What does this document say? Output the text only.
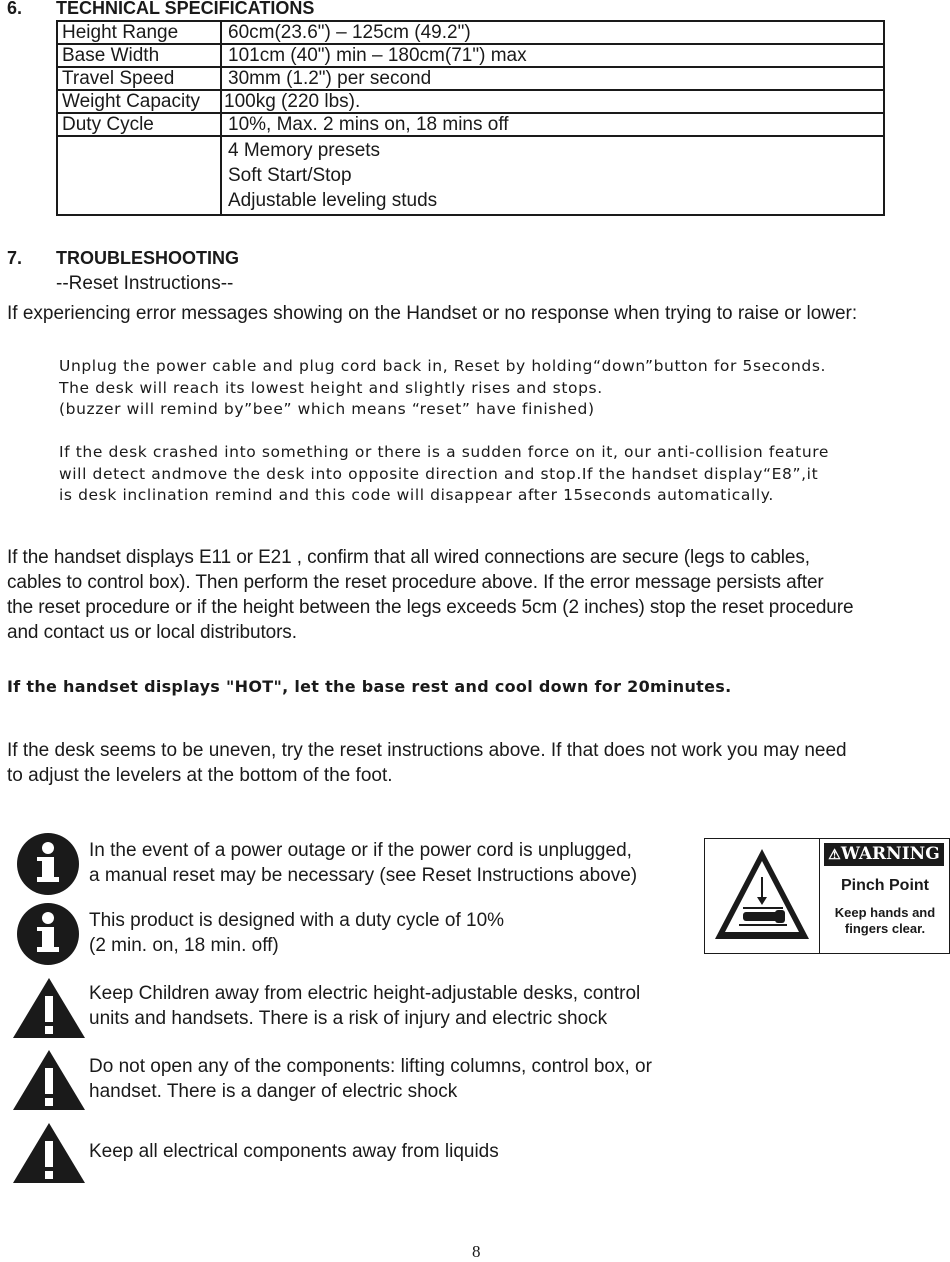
6. TECHNICAL SPECIFICATIONS
Height Range	60cm(23.6") – 125cm (49.2")
Base Width	101cm (40") min – 180cm(71") max
Travel Speed	30mm (1.2") per second
Weight Capacity	100kg (220 lbs).
Duty Cycle	10%, Max. 2 mins on, 18 mins off

	4 Memory presets
Soft Start/Stop
Adjustable leveling studs
7. TROUBLESHOOTING
--Reset Instructions--
If experiencing error messages showing on the Handset or no response when trying to raise or lower:
Unplug the power cable and plug cord back in, Reset by holding“down”button for 5seconds.
The desk will reach its lowest height and slightly rises and stops.
(buzzer will remind by”bee” which means “reset” have finished)
If the desk crashed into something or there is a sudden force on it, our anti-collision feature
will detect andmove the desk into opposite direction and stop.If the handset display“E8”,it
is desk inclination remind and this code will disappear after 15seconds automatically.
If the handset displays E11 or E21 , confirm that all wired connections are secure (legs to cables,
cables to control box). Then perform the reset procedure above. If the error message persists after
the reset procedure or if the height between the legs exceeds 5cm (2 inches) stop the reset procedure
and contact us or local distributors.
If the handset displays "HOT", let the base rest and cool down for 20minutes.
If the desk seems to be uneven, try the reset instructions above. If that does not work you may need
to adjust the levelers at the bottom of the foot.
In the event of a power outage or if the power cord is unplugged,
a manual reset may be necessary (see Reset Instructions above)
This product is designed with a duty cycle of 10%
(2 min. on, 18 min. off)
Keep Children away from electric height-adjustable desks, control
units and handsets. There is a risk of injury and electric shock
Do not open any of the components: lifting columns, control box, or
handset. There is a danger of electric shock
Keep all electrical components away from liquids
⚠WARNING
Pinch Point
Keep hands and
fingers clear.
8
